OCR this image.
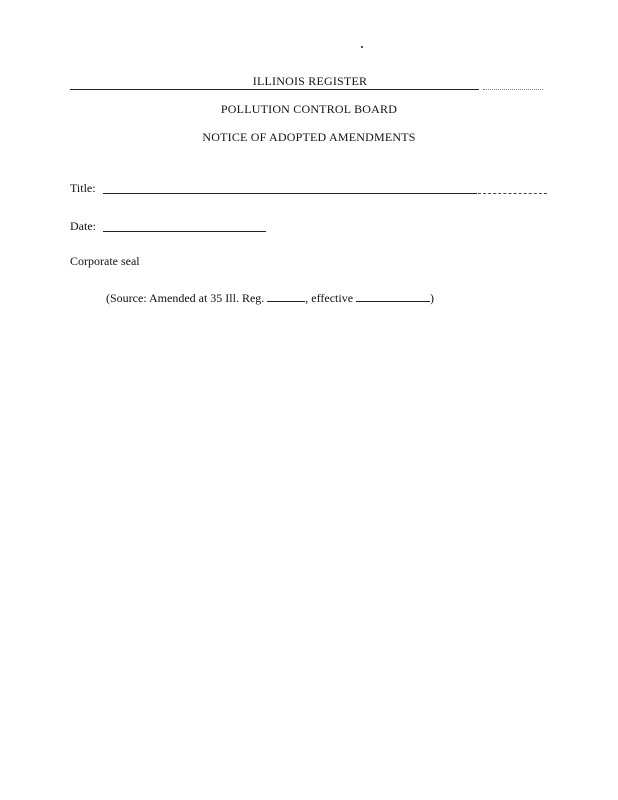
ILLINOIS REGISTER
POLLUTION CONTROL BOARD
NOTICE OF ADOPTED AMENDMENTS
Title:
Date:
Corporate seal
(Source: Amended at 35 Ill. Reg.	, effective	)
